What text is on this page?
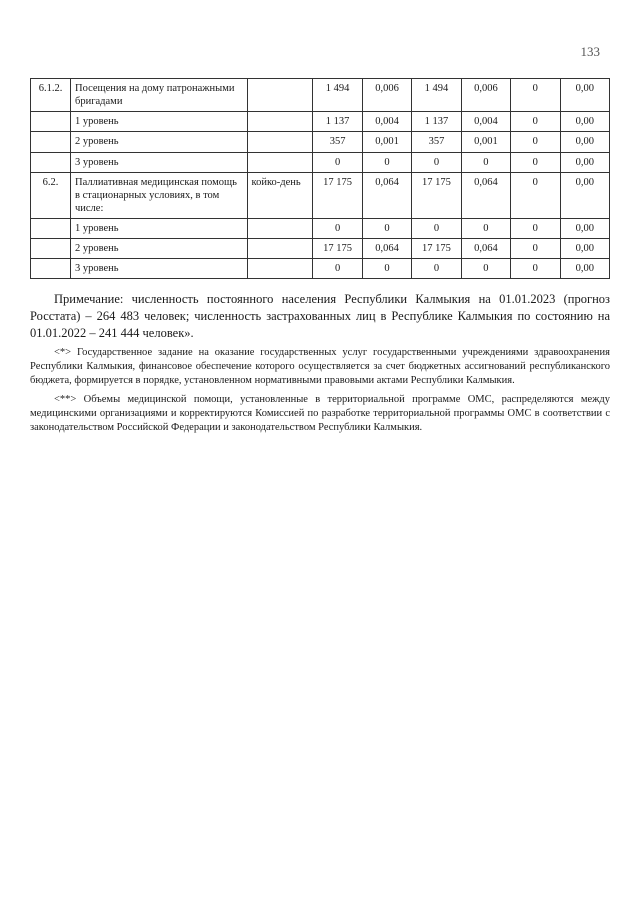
133
6.1.2.	Посещения на дому патронажными бригадами		1 494	0,006	1 494	0,006	0	0,00
	1 уровень		1 137	0,004	1 137	0,004	0	0,00
	2 уровень		357	0,001	357	0,001	0	0,00
	3 уровень		0	0	0	0	0	0,00
6.2.	Паллиативная медицинская помощь в стационарных условиях, в том числе:	койко-день	17 175	0,064	17 175	0,064	0	0,00
	1 уровень		0	0	0	0	0	0,00
	2 уровень		17 175	0,064	17 175	0,064	0	0,00
	3 уровень		0	0	0	0	0	0,00

Примечание: численность постоянного населения Республики Калмыкия на 01.01.2023 (прогноз Росстата) – 264 483 человек; численность застрахованных лиц в Республике Калмыкия по состоянию на 01.01.2022 – 241 444 человек».

<*> Государственное задание на оказание государственных услуг государственными учреждениями здравоохранения Республики Калмыкия, финансовое обеспечение которого осуществляется за счет бюджетных ассигнований республиканского бюджета, формируется в порядке, установленном нормативными правовыми актами Республики Калмыкия.

<**> Объемы медицинской помощи, установленные в территориальной программе ОМС, распределяются между медицинскими организациями и корректируются Комиссией по разработке территориальной программы ОМС в соответствии с законодательством Российской Федерации и законодательством Республики Калмыкия.
